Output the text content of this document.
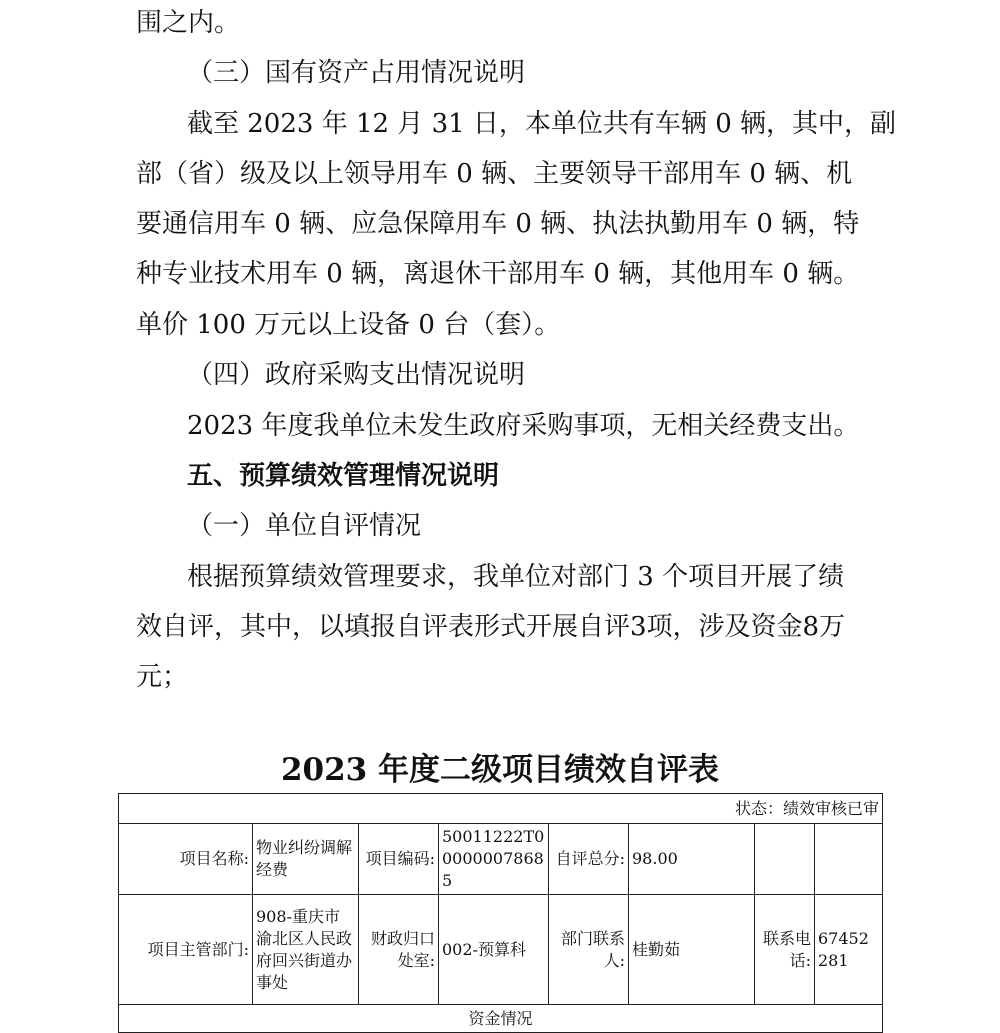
围之内。

（三）国有资产占用情况说明

截至 2023 年 12 月 31 日，本单位共有车辆 0 辆，其中，副

部（省）级及以上领导用车 0 辆、主要领导干部用车 0 辆、机

要通信用车 0 辆、应急保障用车 0 辆、执法执勤用车 0 辆，特

种专业技术用车 0 辆，离退休干部用车 0 辆，其他用车 0 辆。

单价 100 万元以上设备 0 台（套）。

（四）政府采购支出情况说明

2023 年度我单位未发生政府采购事项，无相关经费支出。

五、预算绩效管理情况说明

（一）单位自评情况

根据预算绩效管理要求，我单位对部门 3 个项目开展了绩

效自评，其中，以填报自评表形式开展自评3项，涉及资金8万

元；

2023 年度二级项目绩效自评表
状态：绩效审核已审							
项目名称:	物业纠纷调解经费	项目编码:	50011222T000000078685	自评总分:	98.00		
项目主管部门:	908-重庆市渝北区人民政府回兴街道办事处	财政归口处室:	002-预算科	部门联系人:	桂勤茹	联系电话:	67452281
资金情况							
